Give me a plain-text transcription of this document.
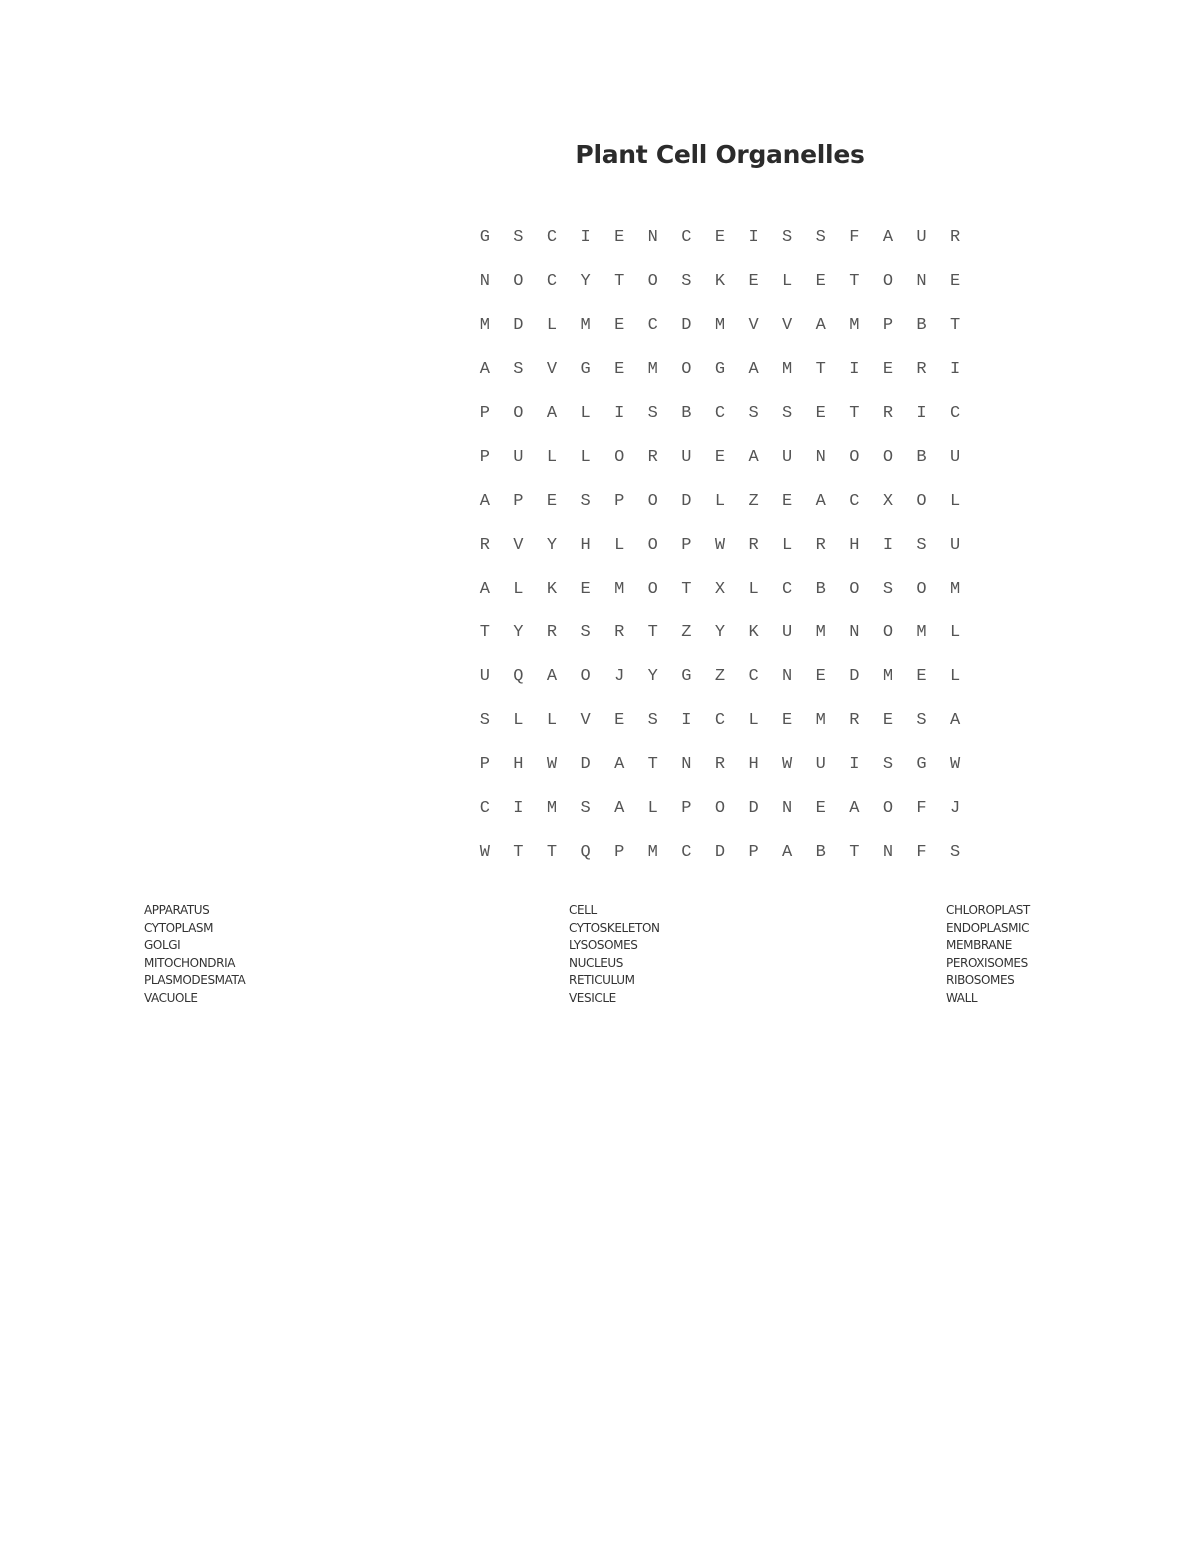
Plant Cell Organelles
G	S	C	I	E	N	C	E	I	S	S	F	A	U	R
N	O	C	Y	T	O	S	K	E	L	E	T	O	N	E
M	D	L	M	E	C	D	M	V	V	A	M	P	B	T
A	S	V	G	E	M	O	G	A	M	T	I	E	R	I
P	O	A	L	I	S	B	C	S	S	E	T	R	I	C
P	U	L	L	O	R	U	E	A	U	N	O	O	B	U
A	P	E	S	P	O	D	L	Z	E	A	C	X	O	L
R	V	Y	H	L	O	P	W	R	L	R	H	I	S	U
A	L	K	E	M	O	T	X	L	C	B	O	S	O	M
T	Y	R	S	R	T	Z	Y	K	U	M	N	O	M	L
U	Q	A	O	J	Y	G	Z	C	N	E	D	M	E	L
S	L	L	V	E	S	I	C	L	E	M	R	E	S	A
P	H	W	D	A	T	N	R	H	W	U	I	S	G	W
C	I	M	S	A	L	P	O	D	N	E	A	O	F	J
W	T	T	Q	P	M	C	D	P	A	B	T	N	F	S
APPARATUS
CYTOPLASM
GOLGI
MITOCHONDRIA
PLASMODESMATA
VACUOLE
CELL
CYTOSKELETON
LYSOSOMES
NUCLEUS
RETICULUM
VESICLE
CHLOROPLAST
ENDOPLASMIC
MEMBRANE
PEROXISOMES
RIBOSOMES
WALL
